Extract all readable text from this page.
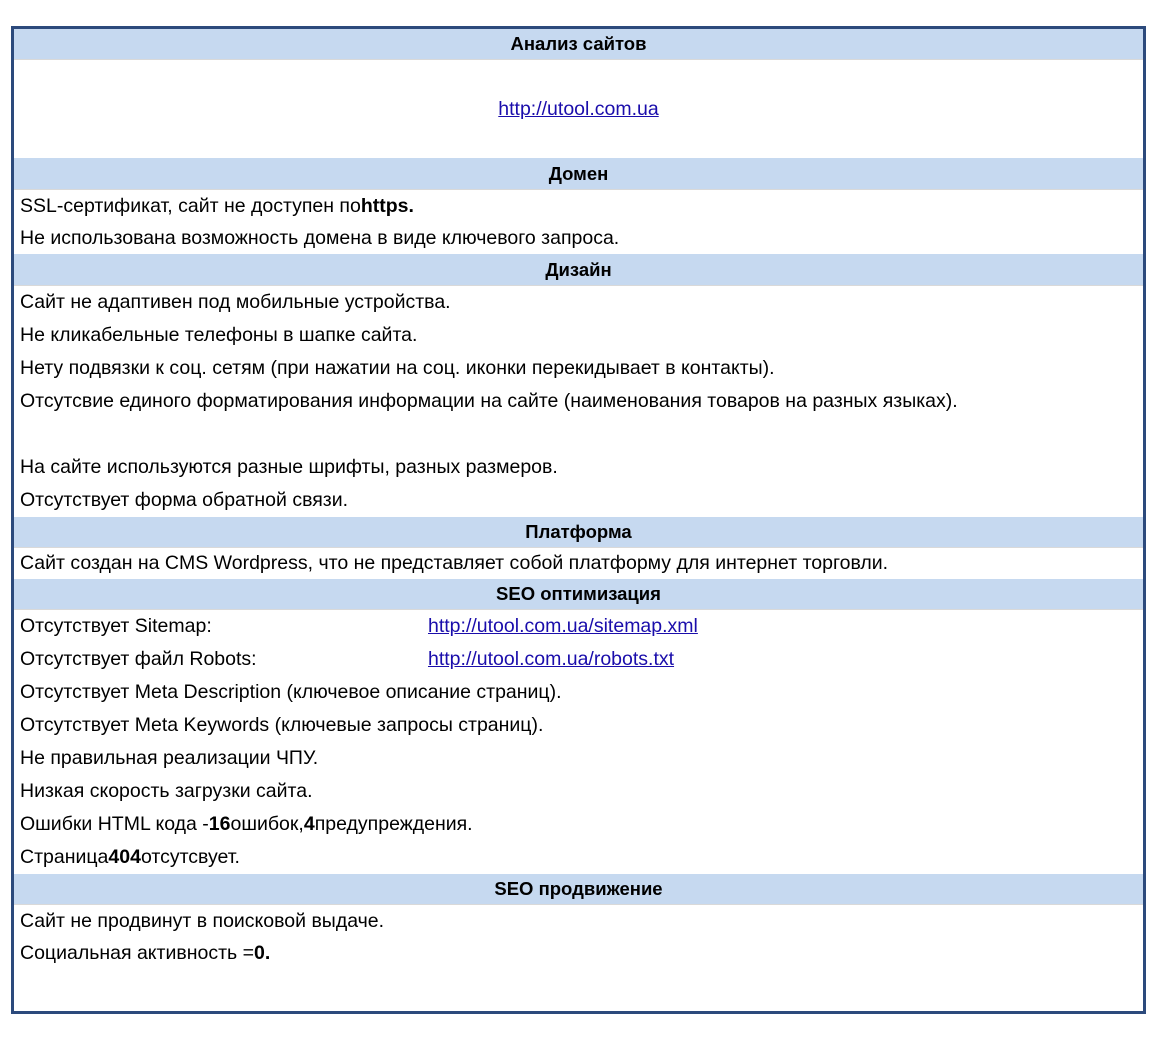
Анализ сайтов
http://utool.com.ua
Домен
SSL-сертификат, сайт не доступен по https.
Не использована возможность домена в виде ключевого запроса.
Дизайн
Сайт не адаптивен под мобильные устройства.
Не кликабельные телефоны в шапке сайта.
Нету подвязки к соц. сетям (при нажатии на соц. иконки перекидывает в контакты).
Отсутсвие единого форматирования информации на сайте (наименования товаров на разных языках).
На сайте используются разные шрифты, разных размеров.
Отсутствует форма обратной связи.
Платформа
Сайт создан на CMS Wordpress, что не представляет собой платформу для интернет торговли.
SEO оптимизация
Отсутствует Sitemap:	http://utool.com.ua/sitemap.xml
Отсутствует файл Robots:	http://utool.com.ua/robots.txt
Отсутствует Meta Description (ключевое описание страниц).
Отсутствует Meta Keywords (ключевые запросы страниц).
Не правильная реализации ЧПУ.
Низкая скорость загрузки сайта.
Ошибки HTML кода - 16 ошибок, 4 предупреждения.
Страница 404 отсутсвует.
SEO продвижение
Сайт не продвинут в поисковой выдаче.
Социальная активность = 0.
